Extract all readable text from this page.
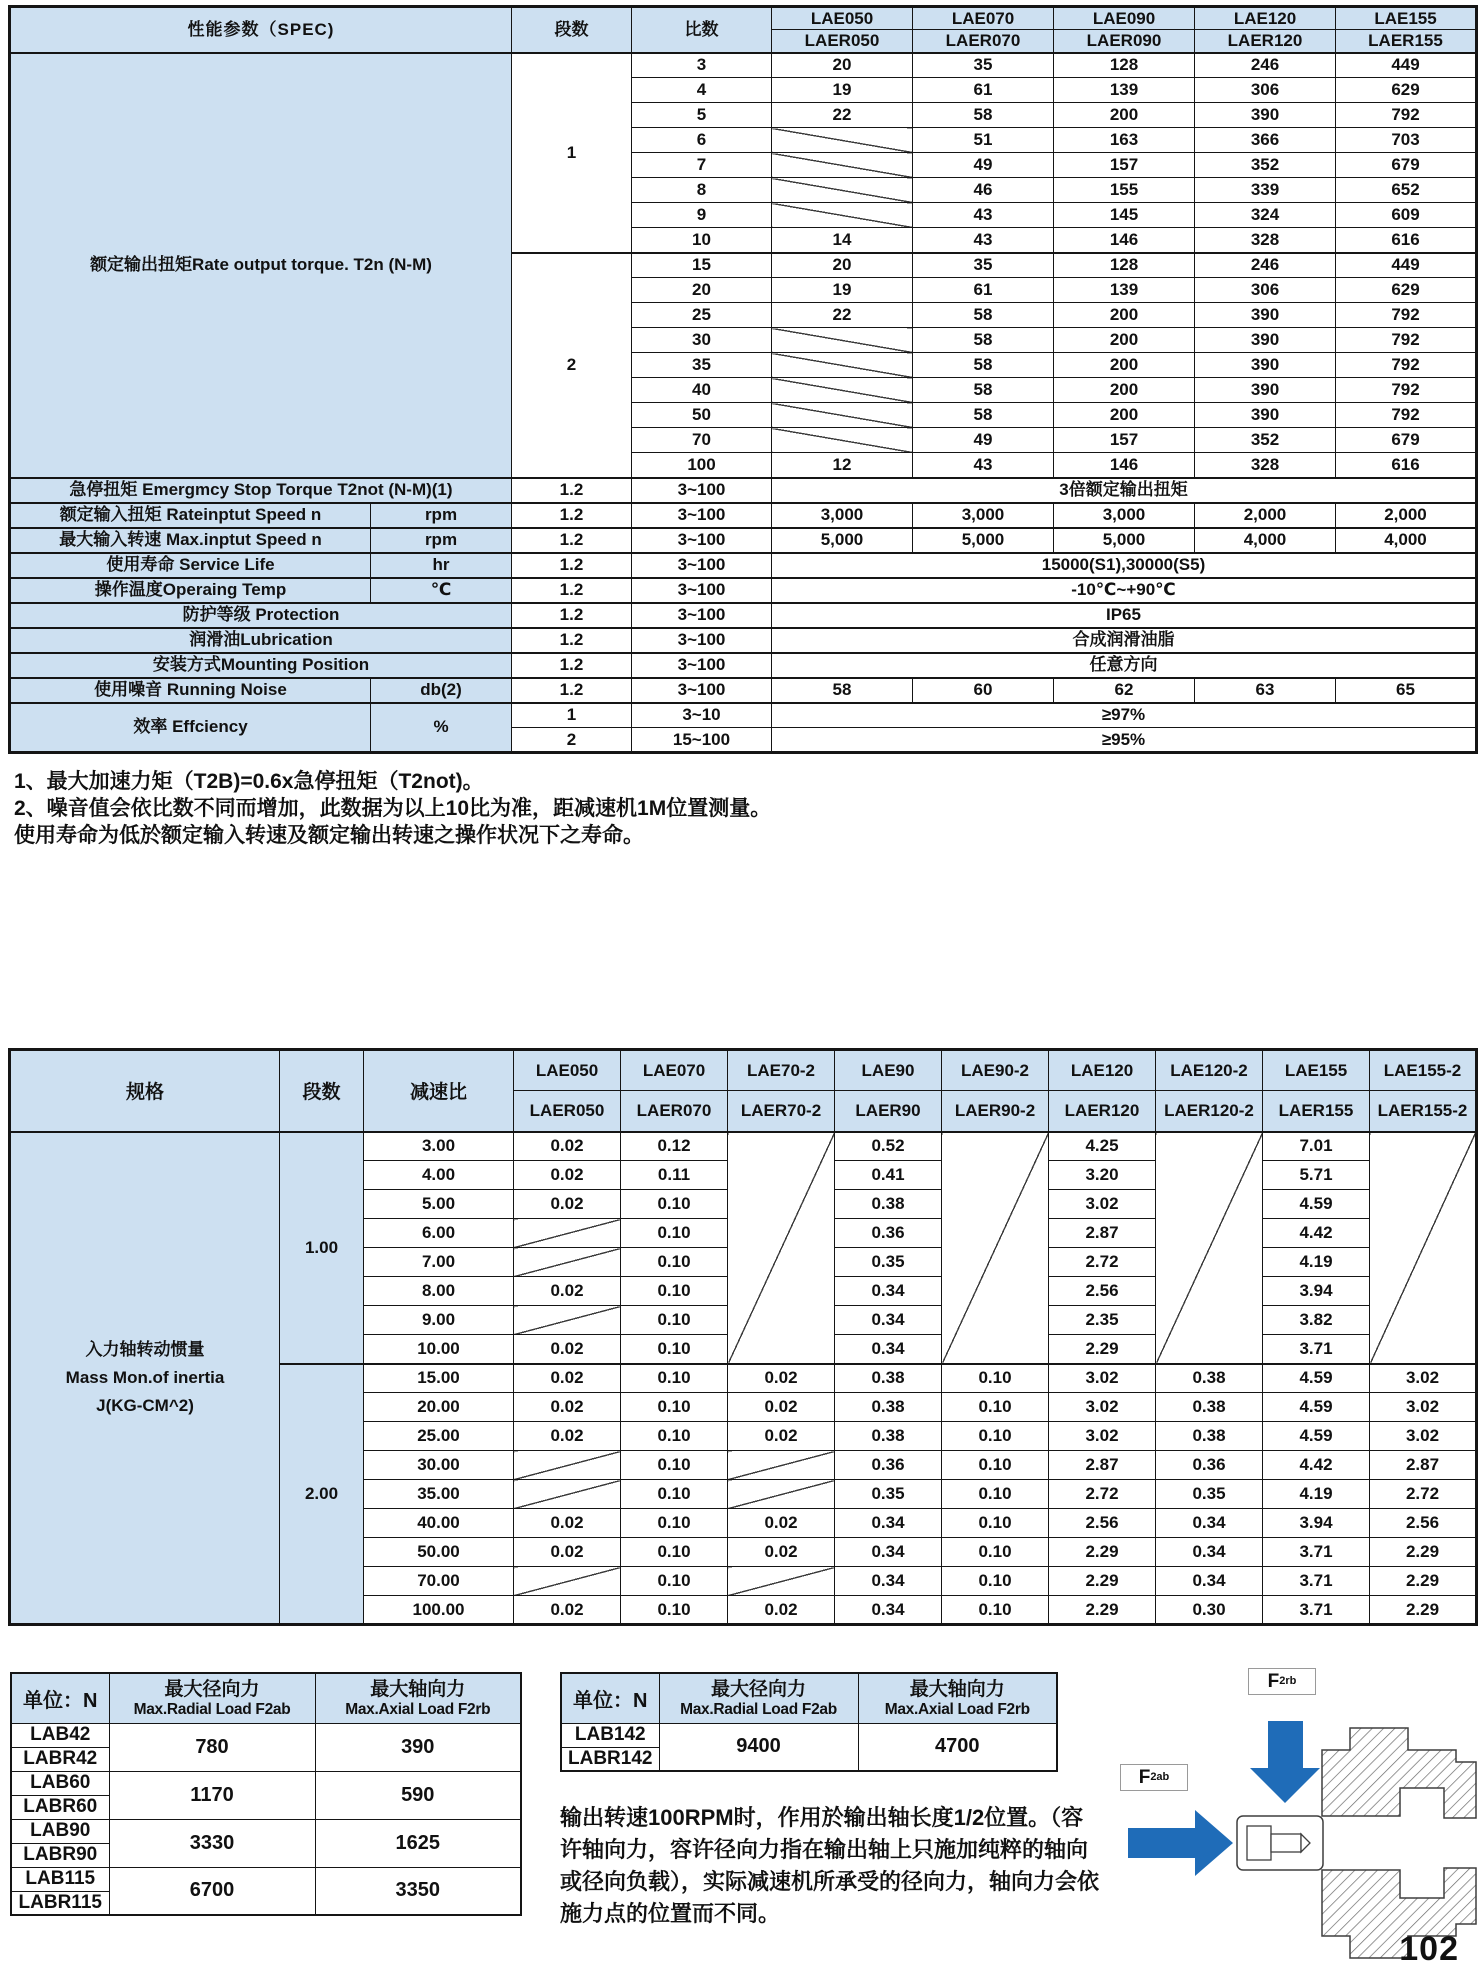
性能参数（SPEC)		段数	比数	LAE050	LAE070	LAE090	LAE120	LAE155
				LAER050	LAER070	LAER090	LAER120	LAER155
额定输出扭矩Rate output torque. T2n (N-M)		1	3	20	35	128	246	449
			4	19	61	139	306	629
			5	22	58	200	390	792
			6		51	163	366	703
			7		49	157	352	679
			8		46	155	339	652
			9		43	145	324	609
			10	14	43	146	328	616
		2	15	20	35	128	246	449
			20	19	61	139	306	629
			25	22	58	200	390	792
			30		58	200	390	792
			35		58	200	390	792
			40		58	200	390	792
			50		58	200	390	792
			70		49	157	352	679
			100	12	43	146	328	616
急停扭矩 Emergmcy Stop Torque T2not (N-M)(1)		1.2	3~100	3倍额定输出扭矩				
额定输入扭矩 Rateinptut Speed n	rpm	1.2	3~100	3,000	3,000	3,000	2,000	2,000
最大输入转速 Max.inptut Speed n	rpm	1.2	3~100	5,000	5,000	5,000	4,000	4,000
使用寿命 Service Life	hr	1.2	3~100	15000(S1),30000(S5)				
操作温度Operaing Temp	℃	1.2	3~100	-10℃~+90℃				
防护等级 Protection		1.2	3~100	IP65				
润滑油Lubrication		1.2	3~100	合成润滑油脂				
安装方式Mounting Position		1.2	3~100	任意方向				
使用噪音 Running Noise	db(2)	1.2	3~100	58	60	62	63	65
效率 Effciency	%	1	3~10	≥97%				
		2	15~100	≥95%				
1、最大加速力矩（T2B)=0.6x急停扭矩（T2not)。
2、噪音值会依比数不同而增加，此数据为以上10比为准，距减速机1M位置测量。
使用寿命为低於额定输入转速及额定输出转速之操作状况下之寿命。
规格	段数	减速比	LAE050	LAE070	LAE70-2	LAE90	LAE90-2	LAE120	LAE120-2	LAE155	LAE155-2
			LAER050	LAER070	LAER70-2	LAER90	LAER90-2	LAER120	LAER120-2	LAER155	LAER155-2

入力轴转动惯量
Mass Mon.of inertia
J(KG-CM^2)	1.00	3.00	0.02	0.12		0.52		4.25		7.01	
		4.00	0.02	0.11		0.41		3.20		5.71	
		5.00	0.02	0.10		0.38		3.02		4.59	
		6.00		0.10		0.36		2.87		4.42	
		7.00		0.10		0.35		2.72		4.19	
		8.00	0.02	0.10		0.34		2.56		3.94	
		9.00		0.10		0.34		2.35		3.82	
		10.00	0.02	0.10		0.34		2.29		3.71	
	2.00	15.00	0.02	0.10	0.02	0.38	0.10	3.02	0.38	4.59	3.02
		20.00	0.02	0.10	0.02	0.38	0.10	3.02	0.38	4.59	3.02
		25.00	0.02	0.10	0.02	0.38	0.10	3.02	0.38	4.59	3.02
		30.00		0.10		0.36	0.10	2.87	0.36	4.42	2.87
		35.00		0.10		0.35	0.10	2.72	0.35	4.19	2.72
		40.00	0.02	0.10	0.02	0.34	0.10	2.56	0.34	3.94	2.56
		50.00	0.02	0.10	0.02	0.34	0.10	2.29	0.34	3.71	2.29
		70.00		0.10		0.34	0.10	2.29	0.34	3.71	2.29
		100.00	0.02	0.10	0.02	0.34	0.10	2.29	0.30	3.71	2.29
单位：N	
最大径向力
Max.Radial Load F2ab

最大轴向力
Max.Axial Load F2rb

LAB42	780	390
LABR42		
LAB60	1170	590
LABR60		
LAB90	3330	1625
LABR90		
LAB115	6700	3350
LABR115		
单位：N	
最大径向力
Max.Radial Load F2ab

最大轴向力
Max.Axial Load F2rb

LAB142	9400	4700
LABR142		
输出转速100RPM时，作用於输出轴长度1/2位置。（容许轴向力，容许径向力指在输出轴上只施加纯粹的轴向或径向负载），实际减速机所承受的径向力，轴向力会依施力点的位置而不同。
F 2rb
F 2ab
102
